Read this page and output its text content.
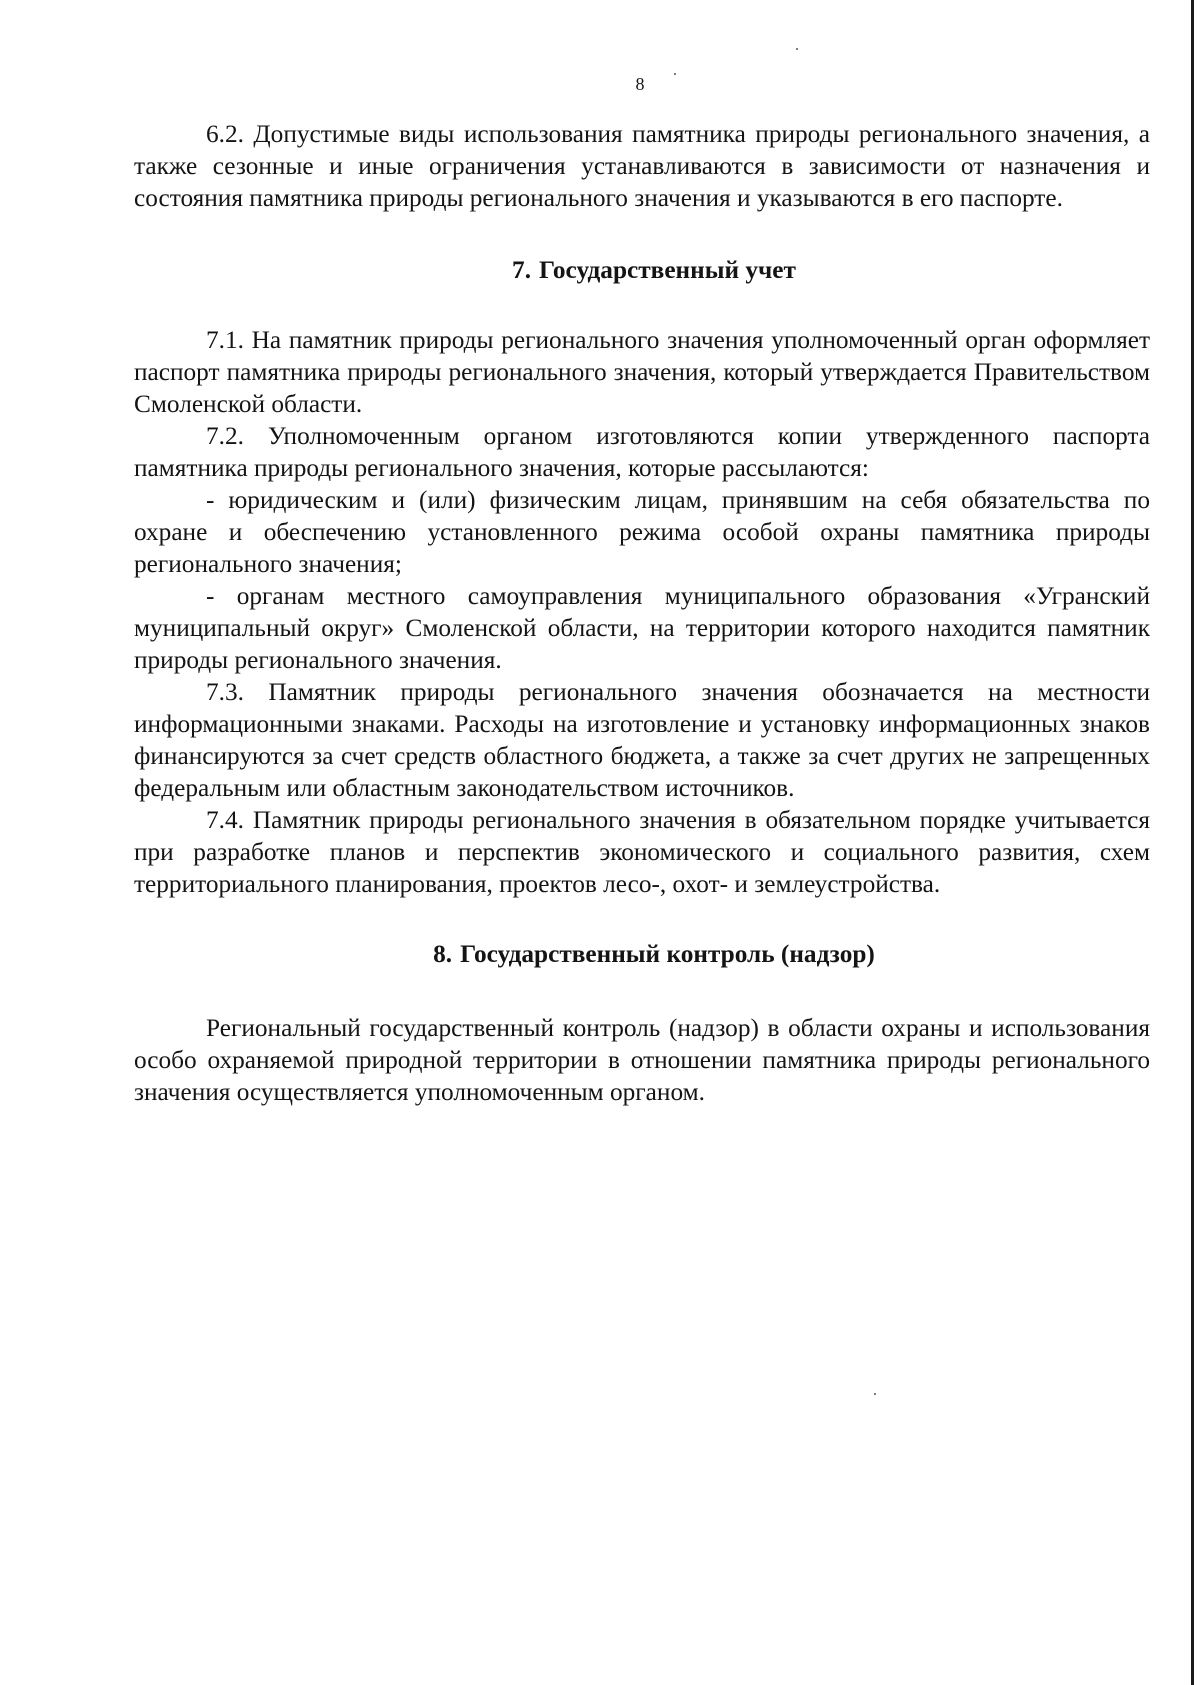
8

6.2. Допустимые виды использования памятника природы регионального значения, а также сезонные и иные ограничения устанавливаются в зависимости от назначения и состояния памятника природы регионального значения и указываются в его паспорте.

7. Государственный учет

7.1. На памятник природы регионального значения уполномоченный орган оформляет паспорт памятника природы регионального значения, который утверждается Правительством Смоленской области.

7.2. Уполномоченным органом изготовляются копии утвержденного паспорта памятника природы регионального значения, которые рассылаются:

- юридическим и (или) физическим лицам, принявшим на себя обязательства по охране и обеспечению установленного режима особой охраны памятника природы регионального значения;

- органам местного самоуправления муниципального образования «Угранский муниципальный округ» Смоленской области, на территории которого находится памятник природы регионального значения.

7.3. Памятник природы регионального значения обозначается на местности информационными знаками. Расходы на изготовление и установку информационных знаков финансируются за счет средств областного бюджета, а также за счет других не запрещенных федеральным или областным законодательством источников.

7.4. Памятник природы регионального значения в обязательном порядке учитывается при разработке планов и перспектив экономического и социального развития, схем территориального планирования, проектов лесо-, охот- и землеустройства.

8. Государственный контроль (надзор)

Региональный государственный контроль (надзор) в области охраны и использования особо охраняемой природной территории в отношении памятника природы регионального значения осуществляется уполномоченным органом.
